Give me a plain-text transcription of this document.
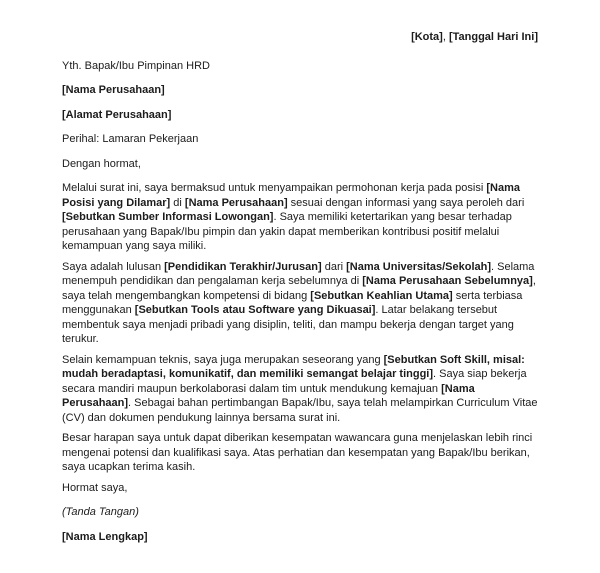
[Kota], [Tanggal Hari Ini]

Yth. Bapak/Ibu Pimpinan HRD

[Nama Perusahaan]

[Alamat Perusahaan]

Perihal: Lamaran Pekerjaan

Dengan hormat,

Melalui surat ini, saya bermaksud untuk menyampaikan permohonan kerja pada posisi [Nama Posisi yang Dilamar] di [Nama Perusahaan] sesuai dengan informasi yang saya peroleh dari [Sebutkan Sumber Informasi Lowongan]. Saya memiliki ketertarikan yang besar terhadap perusahaan yang Bapak/Ibu pimpin dan yakin dapat memberikan kontribusi positif melalui kemampuan yang saya miliki.

Saya adalah lulusan [Pendidikan Terakhir/Jurusan] dari [Nama Universitas/Sekolah]. Selama menempuh pendidikan dan pengalaman kerja sebelumnya di [Nama Perusahaan Sebelumnya], saya telah mengembangkan kompetensi di bidang [Sebutkan Keahlian Utama] serta terbiasa menggunakan [Sebutkan Tools atau Software yang Dikuasai]. Latar belakang tersebut membentuk saya menjadi pribadi yang disiplin, teliti, dan mampu bekerja dengan target yang terukur.

Selain kemampuan teknis, saya juga merupakan seseorang yang [Sebutkan Soft Skill, misal: mudah beradaptasi, komunikatif, dan memiliki semangat belajar tinggi]. Saya siap bekerja secara mandiri maupun berkolaborasi dalam tim untuk mendukung kemajuan [Nama Perusahaan]. Sebagai bahan pertimbangan Bapak/Ibu, saya telah melampirkan Curriculum Vitae (CV) dan dokumen pendukung lainnya bersama surat ini.

Besar harapan saya untuk dapat diberikan kesempatan wawancara guna menjelaskan lebih rinci mengenai potensi dan kualifikasi saya. Atas perhatian dan kesempatan yang Bapak/Ibu berikan, saya ucapkan terima kasih.

Hormat saya,

(Tanda Tangan)

[Nama Lengkap]
